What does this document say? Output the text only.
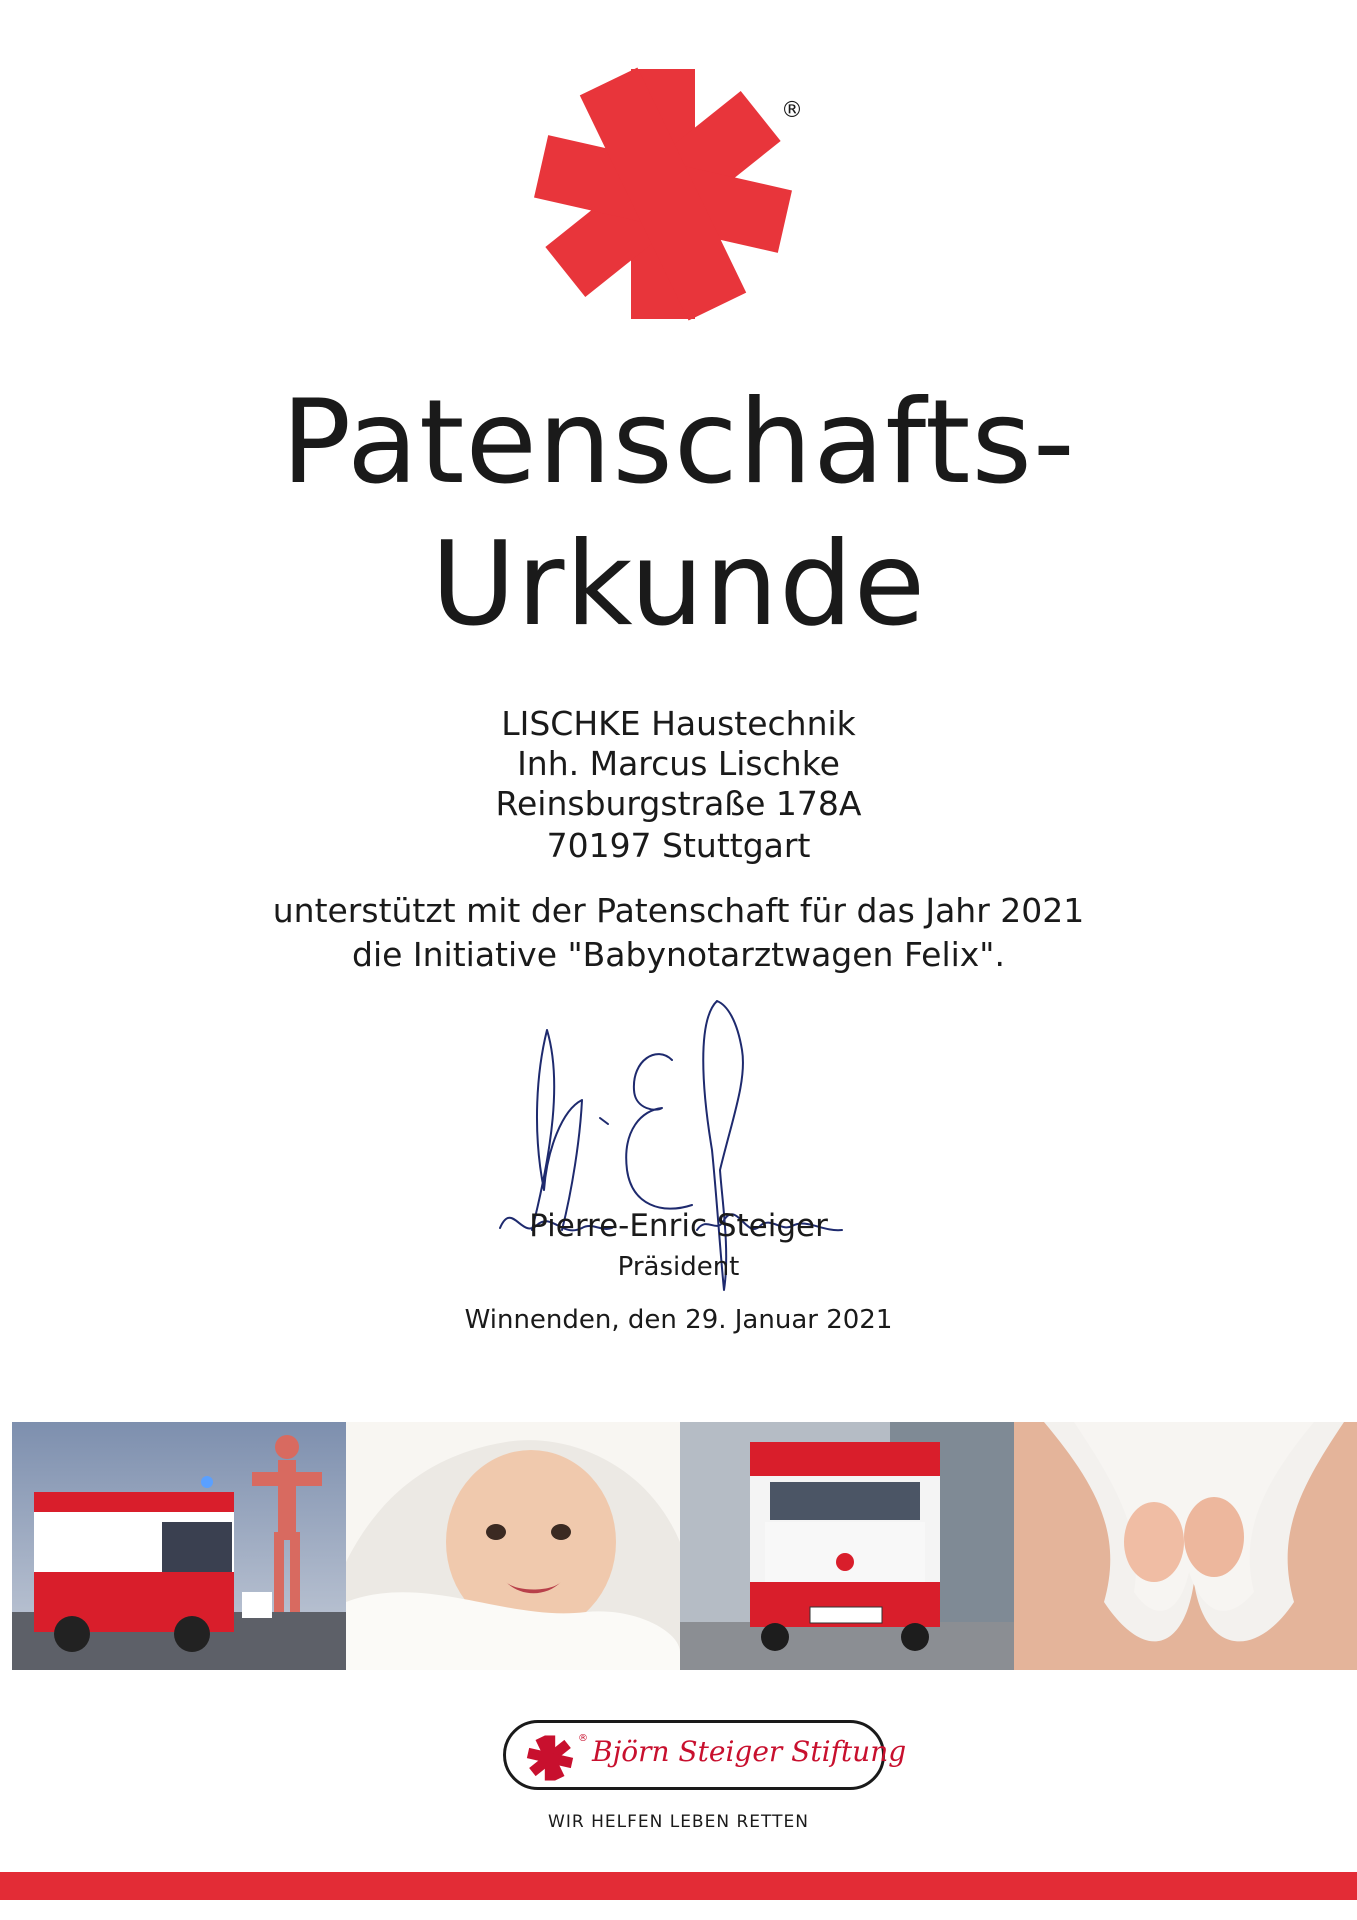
®
Patenschafts-
Urkunde
LISCHKE Haustechnik
Inh. Marcus Lischke
Reinsburgstraße 178A
70197 Stuttgart
unterstützt mit der Patenschaft für das Jahr 2021
die Initiative "Babynotarztwagen Felix".
Pierre-Enric Steiger
Präsident
Winnenden, den 29. Januar 2021
® Björn Steiger Stiftung
WIR HELFEN LEBEN RETTEN
